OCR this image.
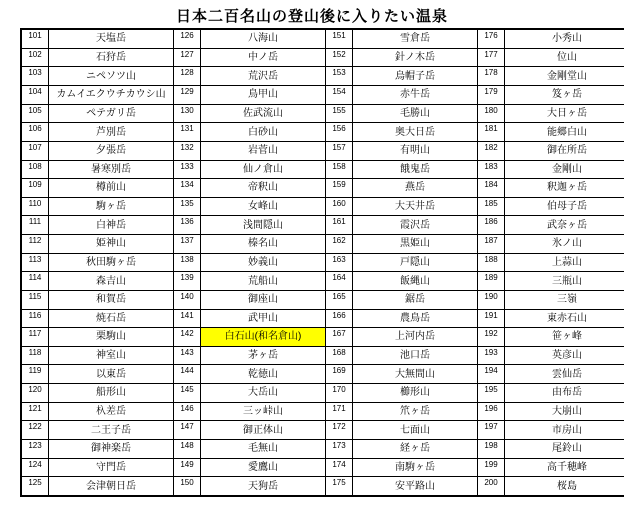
日本二百名山の登山後に入りたい温泉
101	天塩岳	126	八海山	151	雪倉岳	176	小秀山
102	石狩岳	127	中ノ岳	152	針ノ木岳	177	位山
103	ニペソツ山	128	荒沢岳	153	烏帽子岳	178	金剛堂山
104	カムイエクウチカウシ山	129	鳥甲山	154	赤牛岳	179	笈ヶ岳
105	ペテガリ岳	130	佐武流山	155	毛勝山	180	大日ヶ岳
106	芦別岳	131	白砂山	156	奥大日岳	181	能郷白山
107	夕張岳	132	岩菅山	157	有明山	182	御在所岳
108	暑寒別岳	133	仙ノ倉山	158	餓鬼岳	183	金剛山
109	樽前山	134	帝釈山	159	燕岳	184	釈迦ヶ岳
110	駒ヶ岳	135	女峰山	160	大天井岳	185	伯母子岳
111	白神岳	136	浅間隠山	161	霞沢岳	186	武奈ヶ岳
112	姫神山	137	榛名山	162	黒姫山	187	氷ノ山
113	秋田駒ヶ岳	138	妙義山	163	戸隠山	188	上蒜山
114	森吉山	139	荒船山	164	飯縄山	189	三瓶山
115	和賀岳	140	御座山	165	鋸岳	190	三嶺
116	焼石岳	141	武甲山	166	農鳥岳	191	東赤石山
117	栗駒山	142	白石山(和名倉山)	167	上河内岳	192	笹ヶ峰
118	神室山	143	茅ヶ岳	168	池口岳	193	英彦山
119	以東岳	144	乾徳山	169	大無間山	194	雲仙岳
120	船形山	145	大岳山	170	櫛形山	195	由布岳
121	杁差岳	146	三ッ峠山	171	笊ヶ岳	196	大崩山
122	二王子岳	147	御正体山	172	七面山	197	市房山
123	御神楽岳	148	毛無山	173	経ヶ岳	198	尾鈴山
124	守門岳	149	愛鷹山	174	南駒ヶ岳	199	高千穂峰
125	会津朝日岳	150	天狗岳	175	安平路山	200	桜島
